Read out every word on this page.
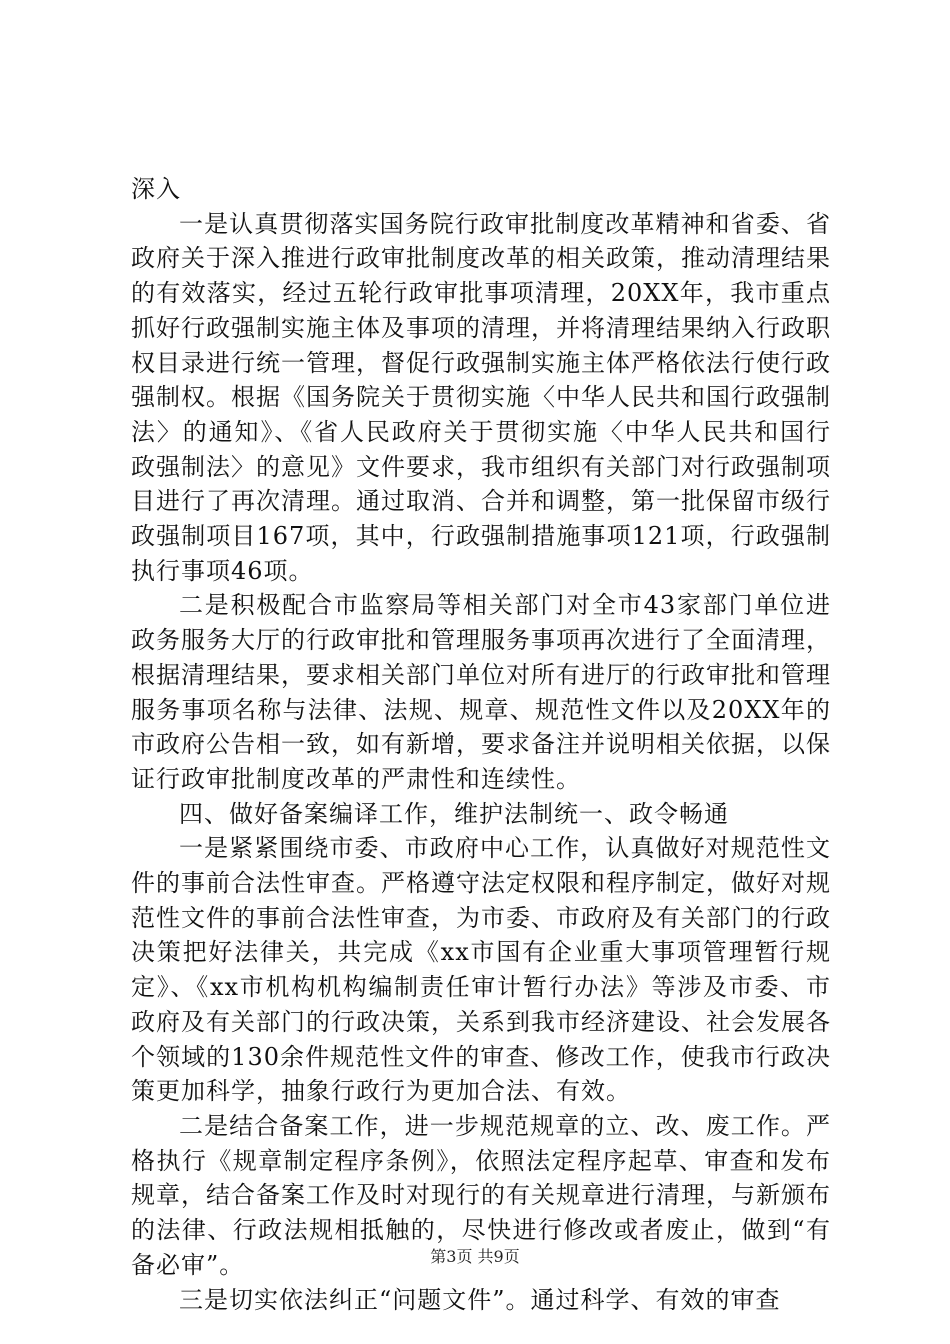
深入

一是认真贯彻落实国务院行政审批制度改革精神和省委、省政府关于深入推进行政审批制度改革的相关政策，推动清理结果的有效落实，经过五轮行政审批事项清理，20XX年，我市重点抓好行政强制实施主体及事项的清理，并将清理结果纳入行政职权目录进行统一管理，督促行政强制实施主体严格依法行使行政强制权。根据《国务院关于贯彻实施〈中华人民共和国行政强制法〉的通知》、《省人民政府关于贯彻实施〈中华人民共和国行政强制法〉的意见》文件要求，我市组织有关部门对行政强制项目进行了再次清理。通过取消、合并和调整，第一批保留市级行政强制项目167项，其中，行政强制措施事项121项，行政强制执行事项46项。

二是积极配合市监察局等相关部门对全市43家部门单位进政务服务大厅的行政审批和管理服务事项再次进行了全面清理，根据清理结果，要求相关部门单位对所有进厅的行政审批和管理服务事项名称与法律、法规、规章、规范性文件以及20XX年的市政府公告相一致，如有新增，要求备注并说明相关依据，以保证行政审批制度改革的严肃性和连续性。

四、做好备案编译工作，维护法制统一、政令畅通

一是紧紧围绕市委、市政府中心工作，认真做好对规范性文件的事前合法性审查。严格遵守法定权限和程序制定，做好对规范性文件的事前合法性审查，为市委、市政府及有关部门的行政决策把好法律关，共完成《xx市国有企业重大事项管理暂行规定》、《xx市机构机构编制责任审计暂行办法》等涉及市委、市政府及有关部门的行政决策，关系到我市经济建设、社会发展各个领域的130余件规范性文件的审查、修改工作，使我市行政决策更加科学，抽象行政行为更加合法、有效。

二是结合备案工作，进一步规范规章的立、改、废工作。严格执行《规章制定程序条例》，依照法定程序起草、审查和发布规章，结合备案工作及时对现行的有关规章进行清理，与新颁布的法律、行政法规相抵触的，尽快进行修改或者废止，做到“有备必审”。

三是切实依法纠正“问题文件”。通过科学、有效的审查

第3页 共9页
